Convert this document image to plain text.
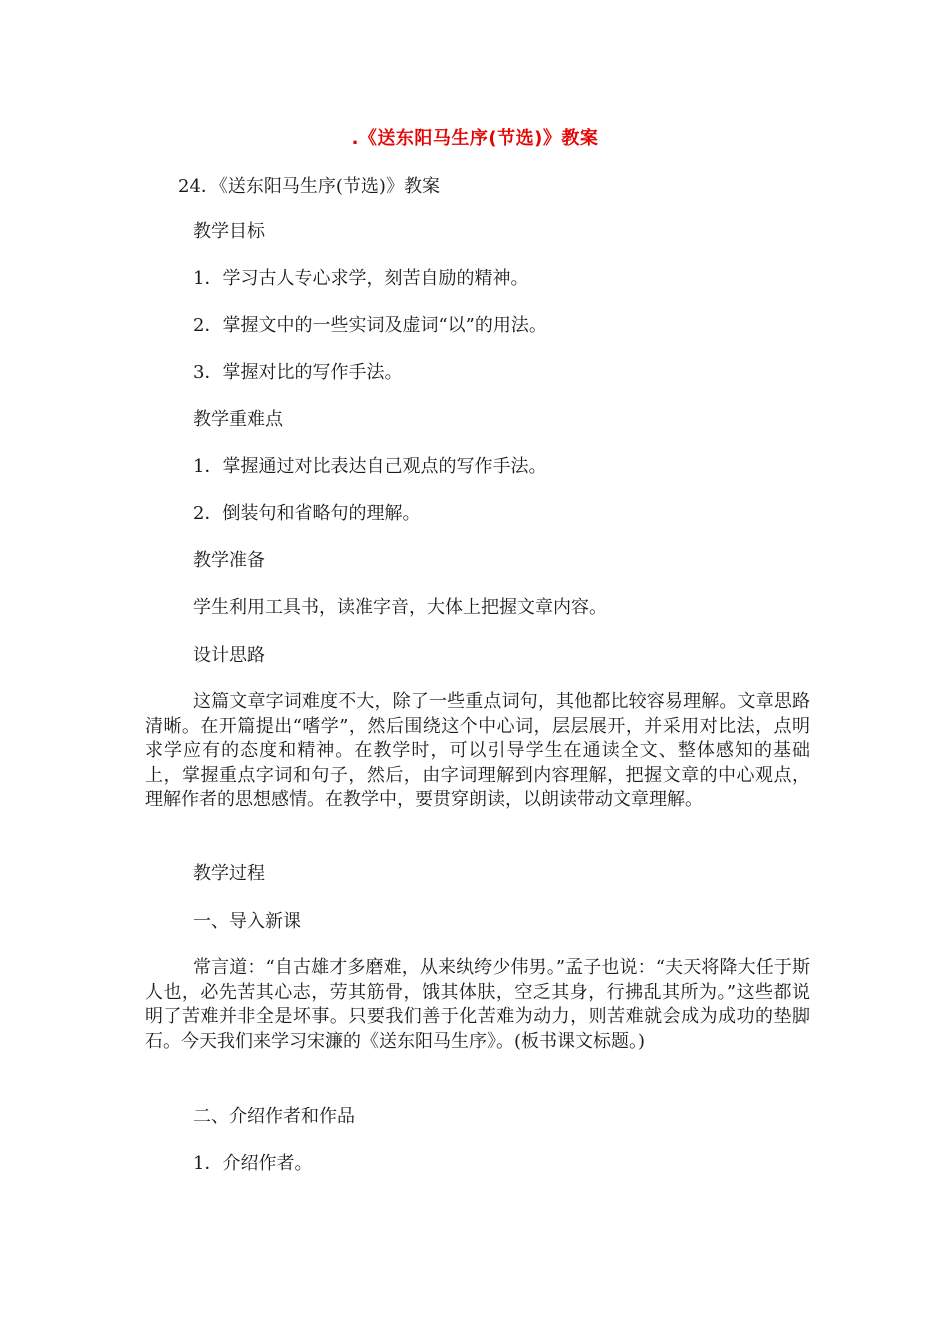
.《送东阳马生序(节选)》教案
24．《送东阳马生序(节选)》教案
教学目标
1．学习古人专心求学，刻苦自励的精神。
2．掌握文中的一些实词及虚词“以”的用法。
3．掌握对比的写作手法。
教学重难点
1．掌握通过对比表达自己观点的写作手法。
2．倒装句和省略句的理解。
教学准备
学生利用工具书，读准字音，大体上把握文章内容。
设计思路
这篇文章字词难度不大，除了一些重点词句，其他都比较容易理解。文章思路清晰。在开篇提出“嗜学”，然后围绕这个中心词，层层展开，并采用对比法，点明求学应有的态度和精神。在教学时，可以引导学生在通读全文、整体感知的基础上，掌握重点字词和句子，然后，由字词理解到内容理解，把握文章的中心观点，理解作者的思想感情。在教学中，要贯穿朗读，以朗读带动文章理解。
教学过程
一、导入新课
常言道：“自古雄才多磨难，从来纨绔少伟男。”孟子也说：“夫天将降大任于斯人也，必先苦其心志，劳其筋骨，饿其体肤，空乏其身，行拂乱其所为。”这些都说明了苦难并非全是坏事。只要我们善于化苦难为动力，则苦难就会成为成功的垫脚石。今天我们来学习宋濂的《送东阳马生序》。(板书课文标题。)
二、介绍作者和作品
1．介绍作者。
